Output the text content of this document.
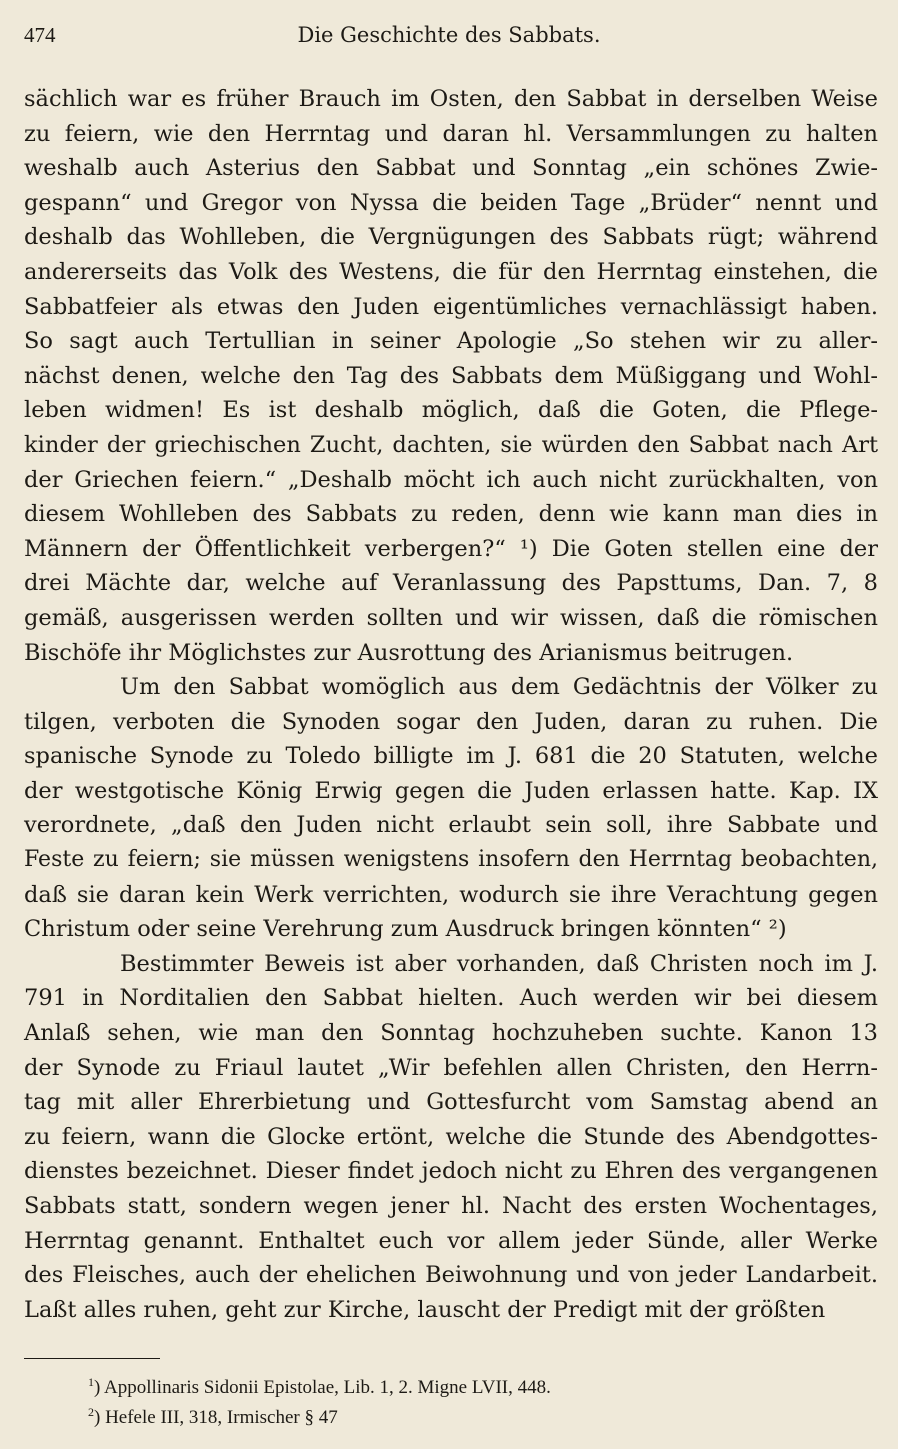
Die Geschichte des Sabbats.
474
sächlich war es früher Brauch im Osten, den Sabbat in derselben Weise
zu feiern, wie den Herrntag und daran hl. Versammlungen zu halten
weshalb auch Asterius den Sabbat und Sonntag „ein schönes Zwie-
gespann“ und Gregor von Nyssa die beiden Tage „Brüder“ nennt und
deshalb das Wohlleben, die Vergnügungen des Sabbats rügt; während
andererseits das Volk des Westens, die für den Herrntag einstehen, die
Sabbatfeier als etwas den Juden eigentümliches vernachlässigt haben.
So sagt auch Tertullian in seiner Apologie „So stehen wir zu aller-
nächst denen, welche den Tag des Sabbats dem Müßiggang und Wohl-
leben widmen! Es ist deshalb möglich, daß die Goten, die Pflege-
kinder der griechischen Zucht, dachten, sie würden den Sabbat nach Art
der Griechen feiern.“ „Deshalb möcht ich auch nicht zurückhalten, von
diesem Wohlleben des Sabbats zu reden, denn wie kann man dies in
Männern der Öffentlichkeit verbergen?“ ¹) Die Goten stellen eine der
drei Mächte dar, welche auf Veranlassung des Papsttums, Dan. 7, 8
gemäß, ausgerissen werden sollten und wir wissen, daß die römischen
Bischöfe ihr Möglichstes zur Ausrottung des Arianismus beitrugen.
Um den Sabbat womöglich aus dem Gedächtnis der Völker zu
tilgen, verboten die Synoden sogar den Juden, daran zu ruhen. Die
spanische Synode zu Toledo billigte im J. 681 die 20 Statuten, welche
der westgotische König Erwig gegen die Juden erlassen hatte. Kap. IX
verordnete, „daß den Juden nicht erlaubt sein soll, ihre Sabbate und
Feste zu feiern; sie müssen wenigstens insofern den Herrntag beobachten,
daß sie daran kein Werk verrichten, wodurch sie ihre Verachtung gegen
Christum oder seine Verehrung zum Ausdruck bringen könnten“ ²)
Bestimmter Beweis ist aber vorhanden, daß Christen noch im J.
791 in Norditalien den Sabbat hielten. Auch werden wir bei diesem
Anlaß sehen, wie man den Sonntag hochzuheben suchte. Kanon 13
der Synode zu Friaul lautet „Wir befehlen allen Christen, den Herrn-
tag mit aller Ehrerbietung und Gottesfurcht vom Samstag abend an
zu feiern, wann die Glocke ertönt, welche die Stunde des Abendgottes-
dienstes bezeichnet. Dieser findet jedoch nicht zu Ehren des vergangenen
Sabbats statt, sondern wegen jener hl. Nacht des ersten Wochentages,
Herrntag genannt. Enthaltet euch vor allem jeder Sünde, aller Werke
des Fleisches, auch der ehelichen Beiwohnung und von jeder Landarbeit.
Laßt alles ruhen, geht zur Kirche, lauscht der Predigt mit der größten
$^1$) Appollinaris Sidonii Epistolae, Lib. 1, 2. Migne LVII, 448.
$^2$) Hefele III, 318, Irmischer § 47
